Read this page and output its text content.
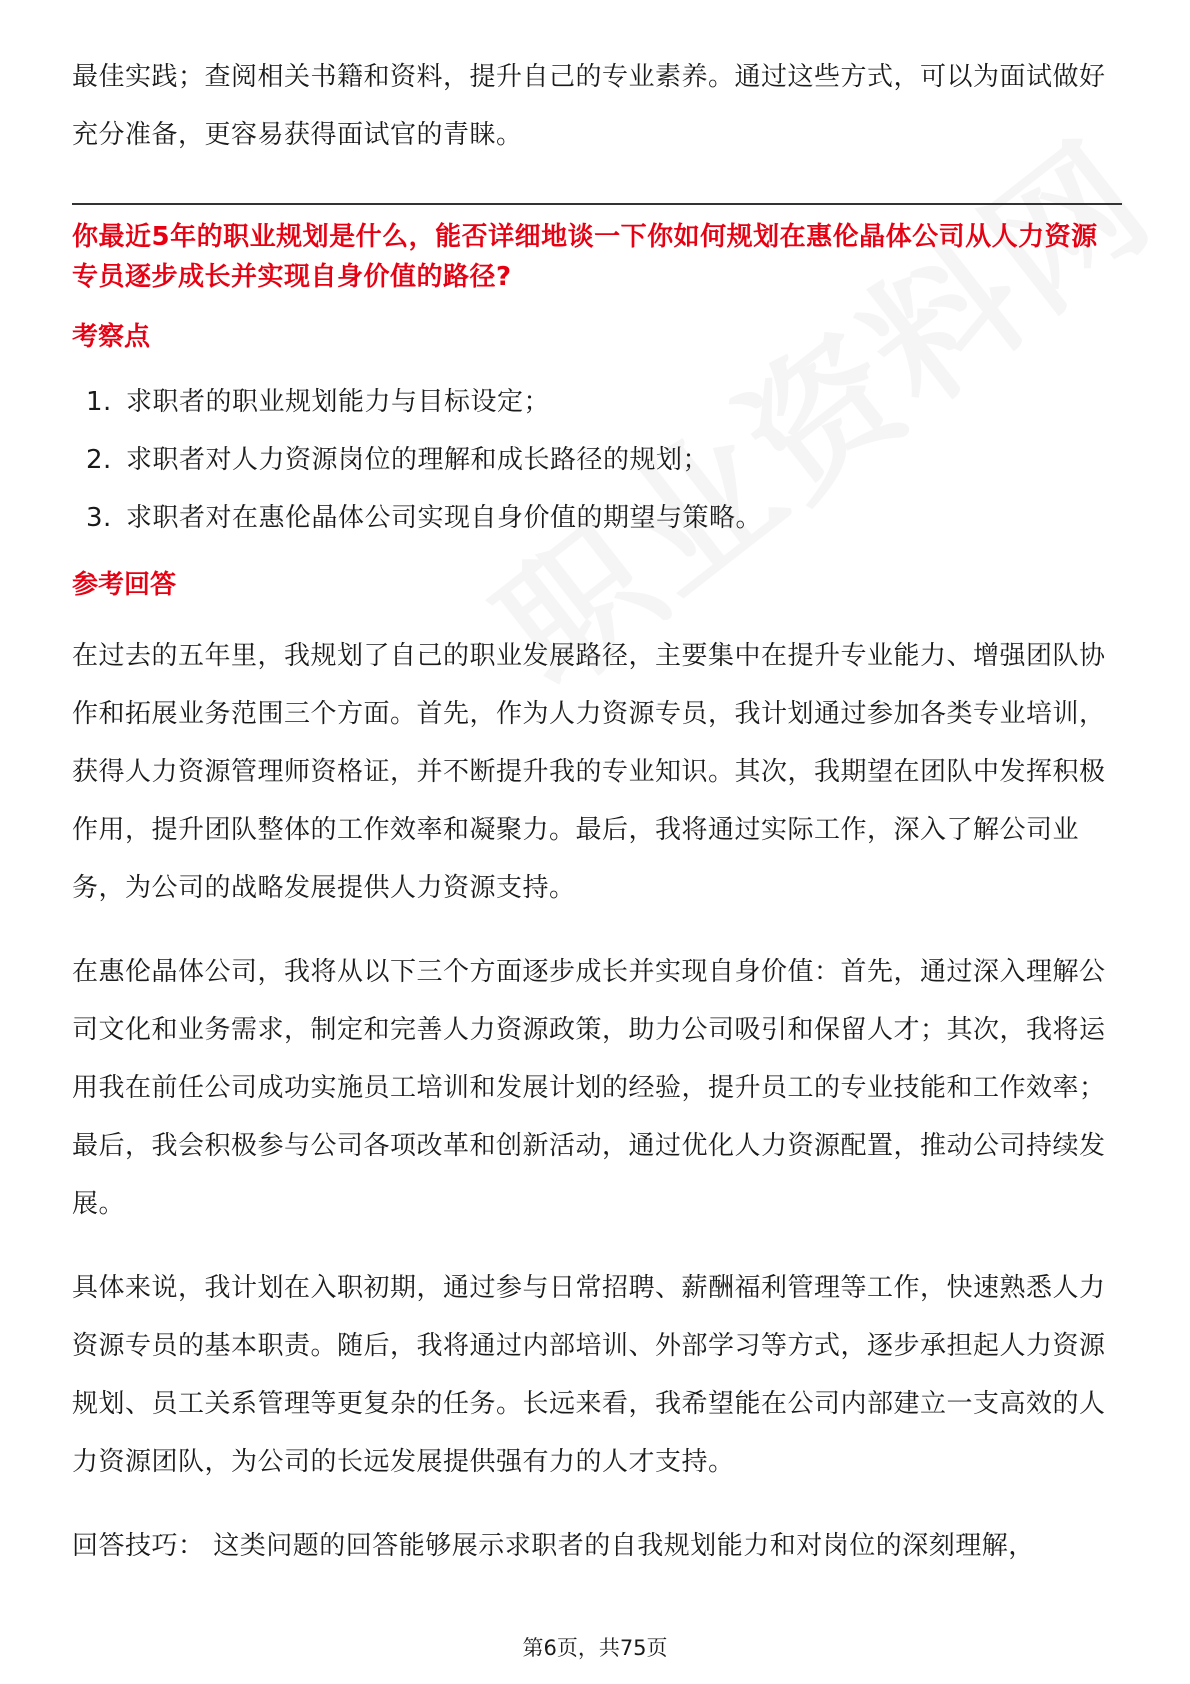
最佳实践；查阅相关书籍和资料，提升自己的专业素养。通过这些方式，可以为面试做好充分准备，更容易获得面试官的青睐。

你最近5年的职业规划是什么，能否详细地谈一下你如何规划在惠伦晶体公司从人力资源专员逐步成长并实现自身价值的路径?

考察点
1. 求职者的职业规划能力与目标设定；
2. 求职者对人力资源岗位的理解和成长路径的规划；
3. 求职者对在惠伦晶体公司实现自身价值的期望与策略。
参考回答

在过去的五年里，我规划了自己的职业发展路径，主要集中在提升专业能力、增强团队协作和拓展业务范围三个方面。首先，作为人力资源专员，我计划通过参加各类专业培训，获得人力资源管理师资格证，并不断提升我的专业知识。其次，我期望在团队中发挥积极作用，提升团队整体的工作效率和凝聚力。最后，我将通过实际工作，深入了解公司业务，为公司的战略发展提供人力资源支持。

在惠伦晶体公司，我将从以下三个方面逐步成长并实现自身价值：首先，通过深入理解公司文化和业务需求，制定和完善人力资源政策，助力公司吸引和保留人才；其次，我将运用我在前任公司成功实施员工培训和发展计划的经验，提升员工的专业技能和工作效率；最后，我会积极参与公司各项改革和创新活动，通过优化人力资源配置，推动公司持续发展。

具体来说，我计划在入职初期，通过参与日常招聘、薪酬福利管理等工作，快速熟悉人力资源专员的基本职责。随后，我将通过内部培训、外部学习等方式，逐步承担起人力资源规划、员工关系管理等更复杂的任务。长远来看，我希望能在公司内部建立一支高效的人力资源团队，为公司的长远发展提供强有力的人才支持。

回答技巧： 这类问题的回答能够展示求职者的自我规划能力和对岗位的深刻理解，

第6页，共75页
